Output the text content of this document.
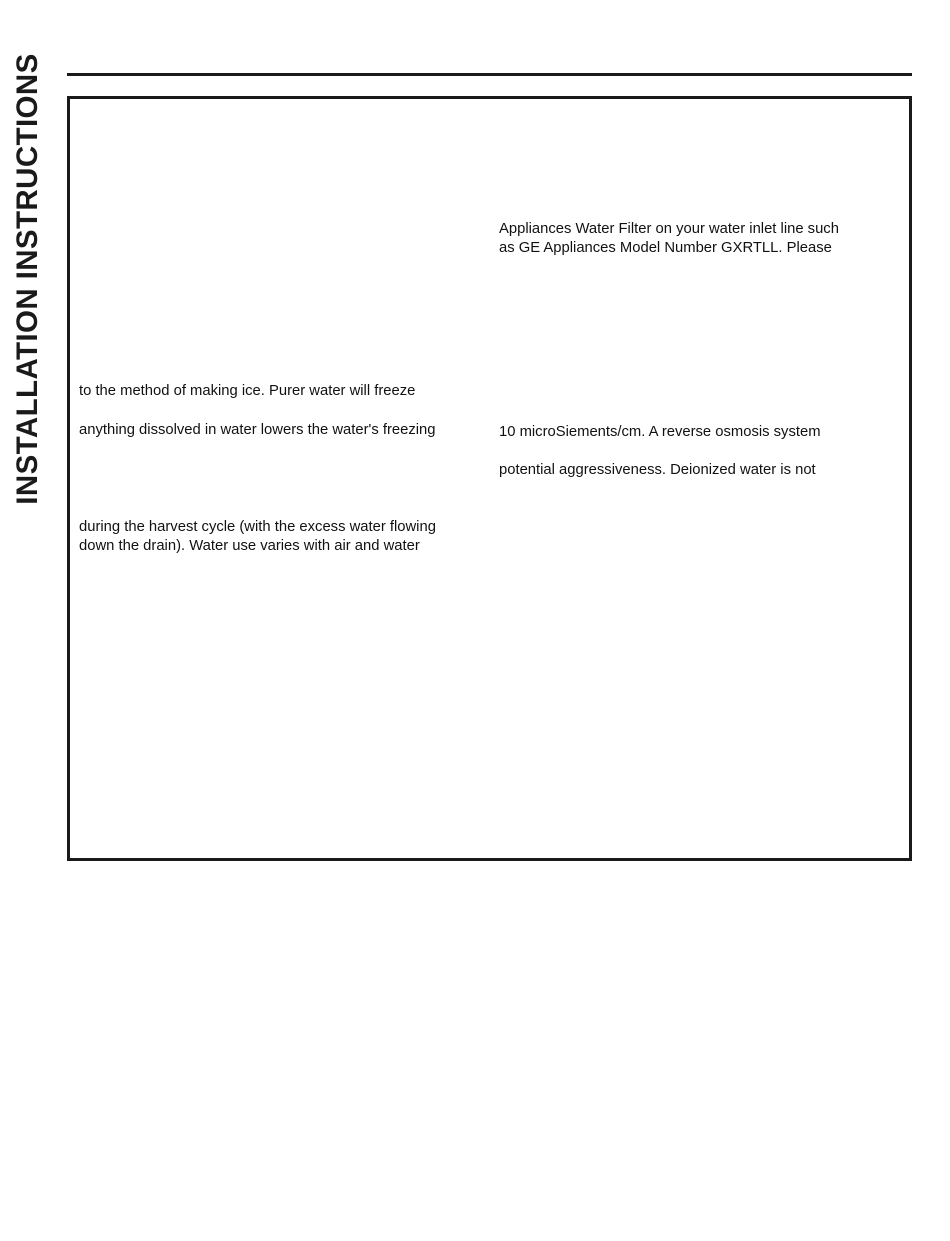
INSTALLATION INSTRUCTIONS to the method of making ice. Purer water will freeze
anything dissolved in water lowers the water's freezing
during the harvest cycle (with the excess water flowing
down the drain). Water use varies with air and water
Appliances Water Filter on your water inlet line such
as GE Appliances Model Number GXRTLL. Please
10 microSiements/cm. A reverse osmosis system
potential aggressiveness. Deionized water is not
